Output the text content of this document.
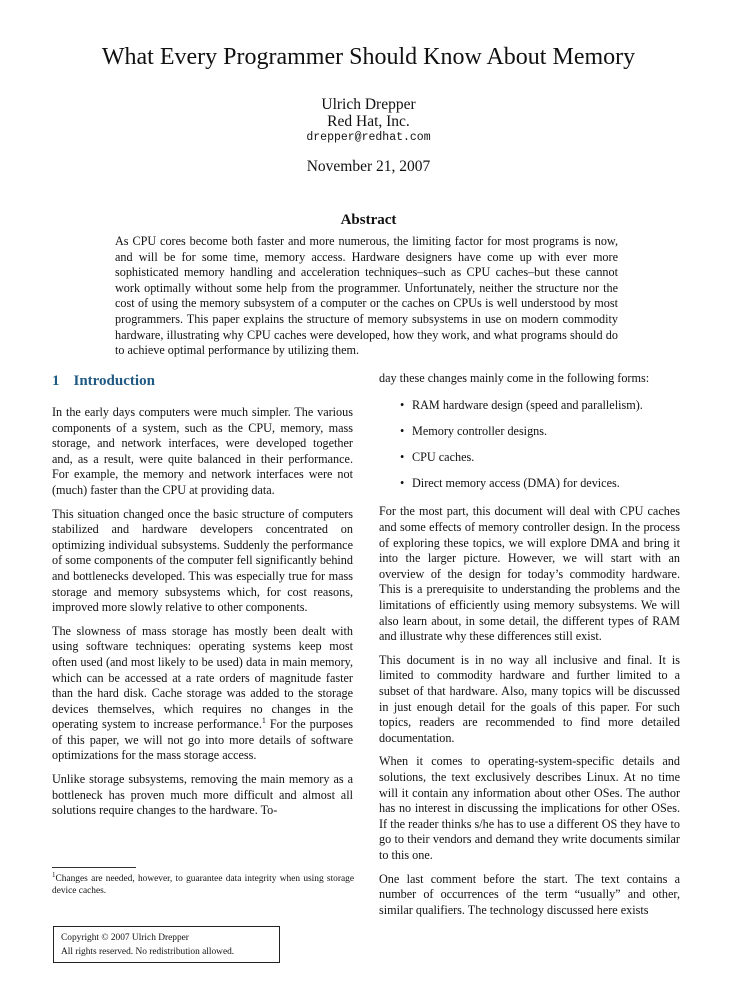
What Every Programmer Should Know About Memory
Ulrich Drepper
Red Hat, Inc.
drepper@redhat.com
November 21, 2007
Abstract

As CPU cores become both faster and more numerous, the limiting factor for most programs is now, and will be for some time, memory access. Hardware designers have come up with ever more sophisticated memory handling and acceleration techniques–such as CPU caches–but these cannot work optimally without some help from the programmer. Unfortunately, neither the structure nor the cost of using the memory subsystem of a computer or the caches on CPUs is well understood by most programmers. This paper explains the structure of memory subsystems in use on modern commodity hardware, illustrating why CPU caches were developed, how they work, and what programs should do to achieve optimal performance by utilizing them.

1 Introduction

In the early days computers were much simpler. The various components of a system, such as the CPU, memory, mass storage, and network interfaces, were developed together and, as a result, were quite balanced in their performance. For example, the memory and network interfaces were not (much) faster than the CPU at providing data.

This situation changed once the basic structure of computers stabilized and hardware developers concentrated on optimizing individual subsystems. Suddenly the performance of some components of the computer fell significantly behind and bottlenecks developed. This was especially true for mass storage and memory subsystems which, for cost reasons, improved more slowly relative to other components.

The slowness of mass storage has mostly been dealt with using software techniques: operating systems keep most often used (and most likely to be used) data in main memory, which can be accessed at a rate orders of magnitude faster than the hard disk. Cache storage was added to the storage devices themselves, which requires no changes in the operating system to increase performance.$^1$ For the purposes of this paper, we will not go into more details of software optimizations for the mass storage access.

Unlike storage subsystems, removing the main memory as a bottleneck has proven much more difficult and almost all solutions require changes to the hardware. To-

day these changes mainly come in the following forms:

• RAM hardware design (speed and parallelism).
• Memory controller designs.
• CPU caches.
• Direct memory access (DMA) for devices.

For the most part, this document will deal with CPU caches and some effects of memory controller design. In the process of exploring these topics, we will explore DMA and bring it into the larger picture. However, we will start with an overview of the design for today’s commodity hardware. This is a prerequisite to understanding the problems and the limitations of efficiently using memory subsystems. We will also learn about, in some detail, the different types of RAM and illustrate why these differences still exist.

This document is in no way all inclusive and final. It is limited to commodity hardware and further limited to a subset of that hardware. Also, many topics will be discussed in just enough detail for the goals of this paper. For such topics, readers are recommended to find more detailed documentation.

When it comes to operating-system-specific details and solutions, the text exclusively describes Linux. At no time will it contain any information about other OSes. The author has no interest in discussing the implications for other OSes. If the reader thinks s/he has to use a different OS they have to go to their vendors and demand they write documents similar to this one.

One last comment before the start. The text contains a number of occurrences of the term “usually” and other, similar qualifiers. The technology discussed here exists

$^1$Changes are needed, however, to guarantee data integrity when using storage device caches.
Copyright © 2007 Ulrich Drepper
All rights reserved. No redistribution allowed.
